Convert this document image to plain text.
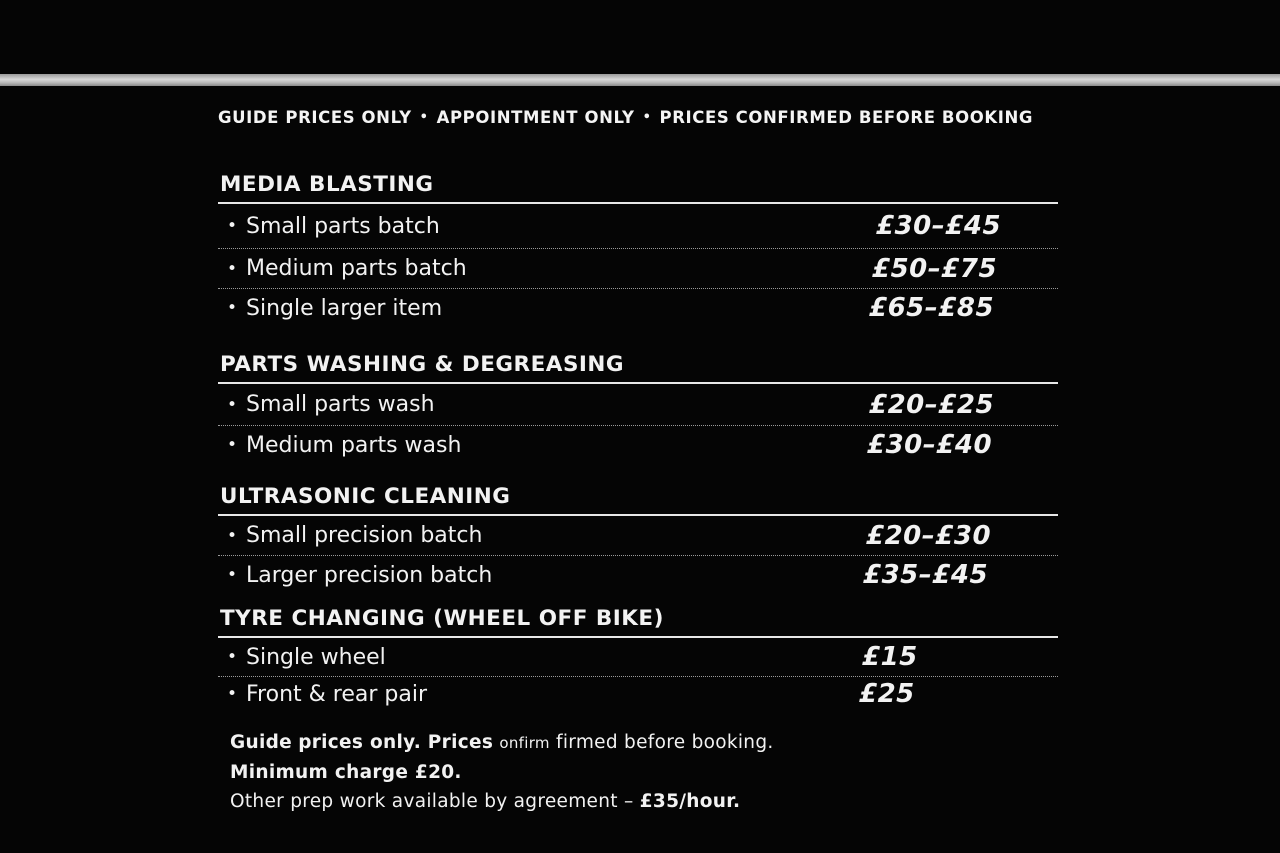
GUIDE PRICES ONLY • APPOINTMENT ONLY • PRICES CONFIRMED BEFORE BOOKING
MEDIA BLASTING
• Small parts batch	£30–£45
• Medium parts batch	£50–£75
• Single larger item	£65–£85
PARTS WASHING & DEGREASING
• Small parts wash	£20–£25
• Medium parts wash	£30–£40
ULTRASONIC CLEANING
• Small precision batch	£20–£30
• Larger precision batch	£35–£45
TYRE CHANGING (WHEEL OFF BIKE)
• Single wheel	£15
• Front & rear pair	£25
Guide prices only. Prices onfirm firmed before booking.
Minimum charge £20.
Other prep work available by agreement – £35/hour.
